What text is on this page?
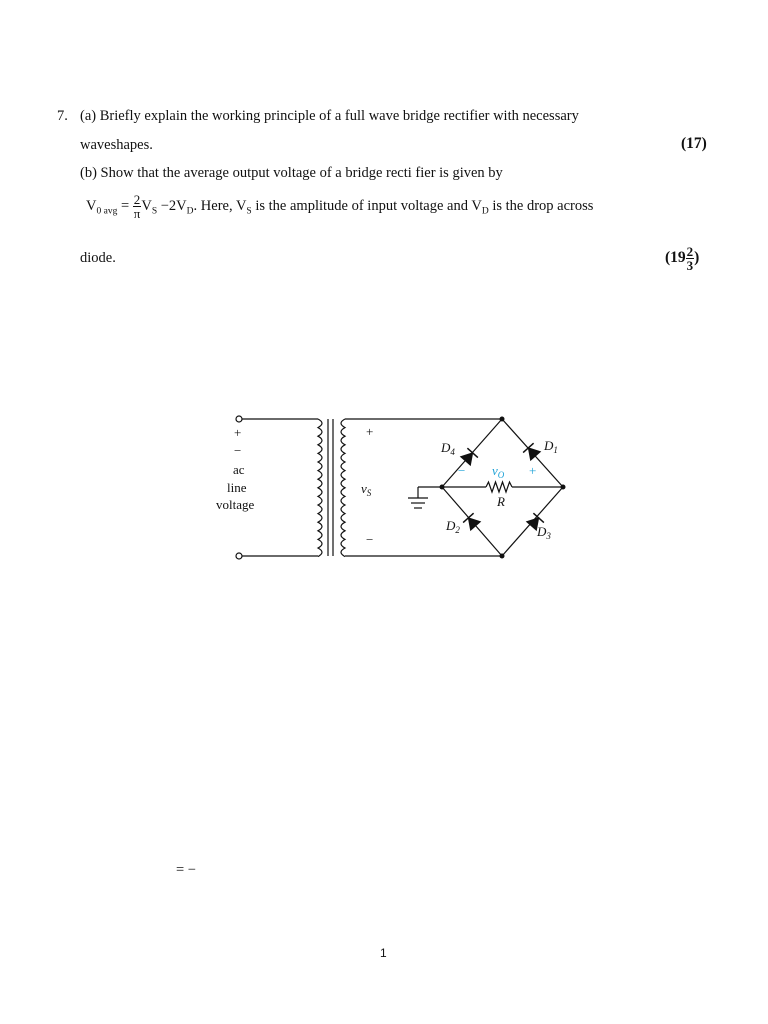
7. (a) Briefly explain the working principle of a full wave bridge rectifier with necessary
waveshapes.	(17)
(b) Show that the average output voltage of a bridge recti fier is given by
$V_{0 avg} = \frac{2}{\pi} V_S -2V_D$. Here, $V_S$ is the amplitude of input voltage and $V_D$ is the drop across
diode.	($19 \frac{2}{3}$ )
+
−
ac
line
voltage
+
−
$v_S$
$D_4$	$D_1$
$D_2$	$D_3$
R
− $v_O$ +
= −
1
